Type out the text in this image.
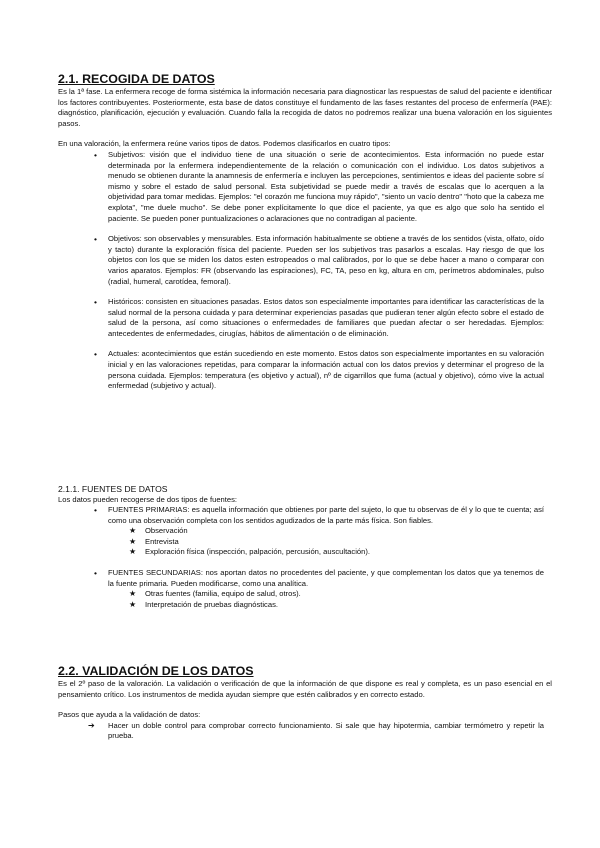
2.1. RECOGIDA DE DATOS

Es la 1ª fase. La enfermera recoge de forma sistémica la información necesaria para diagnosticar las respuestas de salud del paciente e identificar los factores contribuyentes. Posteriormente, esta base de datos constituye el fundamento de las fases restantes del proceso de enfermería (PAE): diagnóstico, planificación, ejecución y evaluación. Cuando falla la recogida de datos no podremos realizar una buena valoración en los siguientes pasos.

En una valoración, la enfermera reúne varios tipos de datos. Podemos clasificarlos en cuatro tipos:

• Subjetivos: visión que el individuo tiene de una situación o serie de acontecimientos. Esta información no puede estar determinada por la enfermera independientemente de la relación o comunicación con el individuo. Los datos subjetivos a menudo se obtienen durante la anamnesis de enfermería e incluyen las percepciones, sentimientos e ideas del paciente sobre sí mismo y sobre el estado de salud personal. Esta subjetividad se puede medir a través de escalas que lo acerquen a la objetividad para tomar medidas. Ejemplos: "el corazón me funciona muy rápido", "siento un vacío dentro" "hoto que la cabeza me explota", "me duele mucho". Se debe poner explícitamente lo que dice el paciente, ya que es algo que solo ha sentido el paciente. Se pueden poner puntualizaciones o aclaraciones que no contradigan al paciente.
• Objetivos: son observables y mensurables. Esta información habitualmente se obtiene a través de los sentidos (vista, olfato, oído y tacto) durante la exploración física del paciente. Pueden ser los subjetivos tras pasarlos a escalas. Hay riesgo de que los objetos con los que se miden los datos esten estropeados o mal calibrados, por lo que se debe hacer a mano o comparar con varios aparatos. Ejemplos: FR (observando las espiraciones), FC, TA, peso en kg, altura en cm, perímetros abdominales, pulso (radial, humeral, carotídea, femoral).
• Históricos: consisten en situaciones pasadas. Estos datos son especialmente importantes para identificar las características de la salud normal de la persona cuidada y para determinar experiencias pasadas que pudieran tener algún efecto sobre el estado de salud de la persona, así como situaciones o enfermedades de familiares que puedan afectar o ser heredadas. Ejemplos: antecedentes de enfermedades, cirugías, hábitos de alimentación o de eliminación.
• Actuales: acontecimientos que están sucediendo en este momento. Estos datos son especialmente importantes en su valoración inicial y en las valoraciones repetidas, para comparar la información actual con los datos previos y determinar el progreso de la persona cuidada. Ejemplos: temperatura (es objetivo y actual), nº de cigarrillos que fuma (actual y objetivo), cómo vive la actual enfermedad (subjetivo y actual).
2.1.1. FUENTES DE DATOS

Los datos pueden recogerse de dos tipos de fuentes:

• FUENTES PRIMARIAS: es aquella información que obtienes por parte del sujeto, lo que tu observas de él y lo que te cuenta; así como una observación completa con los sentidos agudizados de la parte más física. Son fiables.
★ Observación
★ Entrevista
★ Exploración física (inspección, palpación, percusión, auscultación).
• FUENTES SECUNDARIAS: nos aportan datos no procedentes del paciente, y que complementan los datos que ya tenemos de la fuente primaria. Pueden modificarse, como una analítica.
★ Otras fuentes (familia, equipo de salud, otros).
★ Interpretación de pruebas diagnósticas.
2.2. VALIDACIÓN DE LOS DATOS

Es el 2º paso de la valoración. La validación o verificación de que la información de que dispone es real y completa, es un paso esencial en el pensamiento crítico. Los instrumentos de medida ayudan siempre que estén calibrados y en correcto estado.

Pasos que ayuda a la validación de datos:

➔ Hacer un doble control para comprobar correcto funcionamiento. Si sale que hay hipotermia, cambiar termómetro y repetir la prueba.
